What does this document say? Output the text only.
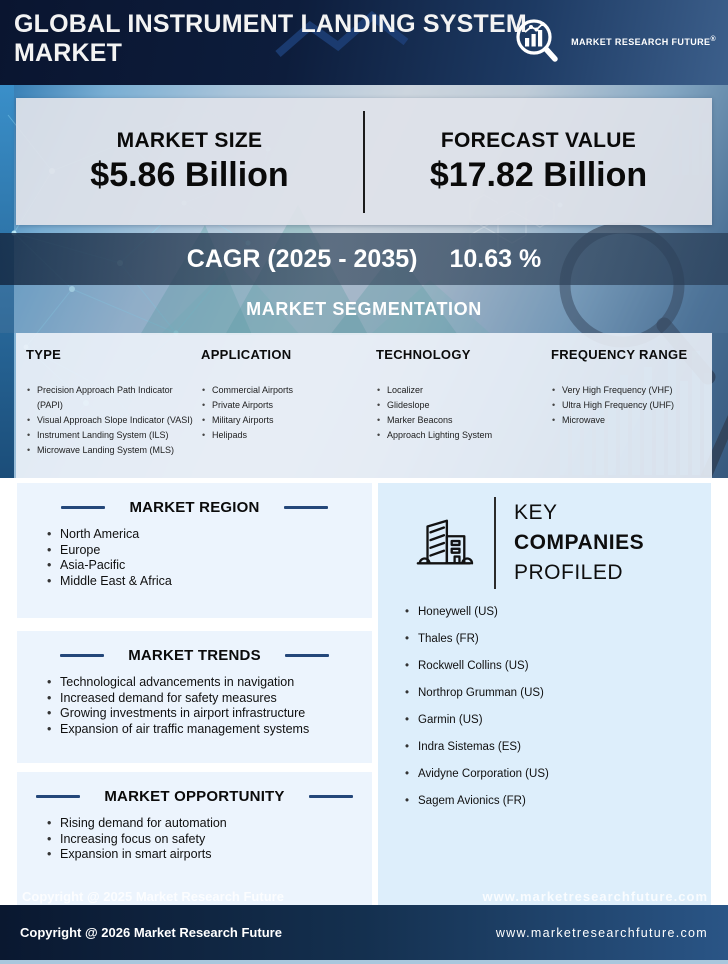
GLOBAL INSTRUMENT LANDING SYSTEM MARKET	MARKET RESEARCH FUTURE®
MARKET SIZE
$5.86 Billion
FORECAST VALUE
$17.82 Billion
CAGR (2025 - 2035) 10.63 %
MARKET SEGMENTATION
TYPE
• Precision Approach Path Indicator (PAPI)
• Visual Approach Slope Indicator (VASI)
• Instrument Landing System (ILS)
• Microwave Landing System (MLS)
APPLICATION
• Commercial Airports
• Private Airports
• Military Airports
• Helipads
TECHNOLOGY
• Localizer
• Glideslope
• Marker Beacons
• Approach Lighting System
FREQUENCY RANGE
• Very High Frequency (VHF)
• Ultra High Frequency (UHF)
• Microwave
MARKET REGION
• North America
• Europe
• Asia-Pacific
• Middle East & Africa
MARKET TRENDS
• Technological advancements in navigation
• Increased demand for safety measures
• Growing investments in airport infrastructure
• Expansion of air traffic management systems
MARKET OPPORTUNITY
• Rising demand for automation
• Increasing focus on safety
• Expansion in smart airports
KEY
COMPANIES
PROFILED
• Honeywell (US)
• Thales (FR)
• Rockwell Collins (US)
• Northrop Grumman (US)
• Garmin (US)
• Indra Sistemas (ES)
• Avidyne Corporation (US)
• Sagem Avionics (FR)
Copyright @ 2025 Market Research Future	www.marketresearchfuture.com
Copyright @ 2026 Market Research Future	www.marketresearchfuture.com
